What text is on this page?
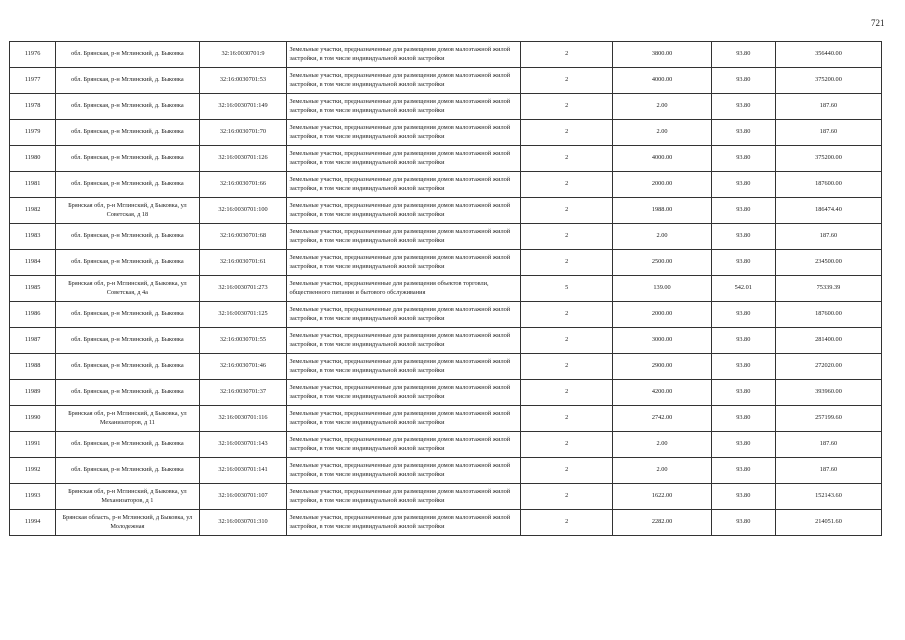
721
11976	обл. Брянская, р-н Мглинский, д. Быковка	32:16:0030701:9	Земельные участки, предназначенные для размещения домов малоэтажной жилой застройки, в том числе индивидуальной жилой застройки	2	3800.00	93.80	356440.00
11977	обл. Брянская, р-н Мглинский, д. Быковка	32:16:0030701:53	Земельные участки, предназначенные для размещения домов малоэтажной жилой застройки, в том числе индивидуальной жилой застройки	2	4000.00	93.80	375200.00
11978	обл. Брянская, р-н Мглинский, д. Быковка	32:16:0030701:149	Земельные участки, предназначенные для размещения домов малоэтажной жилой застройки, в том числе индивидуальной жилой застройки	2	2.00	93.80	187.60
11979	обл. Брянская, р-н Мглинский, д. Быковка	32:16:0030701:70	Земельные участки, предназначенные для размещения домов малоэтажной жилой застройки, в том числе индивидуальной жилой застройки	2	2.00	93.80	187.60
11980	обл. Брянская, р-н Мглинский, д. Быковка	32:16:0030701:126	Земельные участки, предназначенные для размещения домов малоэтажной жилой застройки, в том числе индивидуальной жилой застройки	2	4000.00	93.80	375200.00
11981	обл. Брянская, р-н Мглинский, д. Быковка	32:16:0030701:66	Земельные участки, предназначенные для размещения домов малоэтажной жилой застройки, в том числе индивидуальной жилой застройки	2	2000.00	93.80	187600.00
11982	Брянская обл, р-н Мглинский, д Быковка, ул Советская, д 18	32:16:0030701:100	Земельные участки, предназначенные для размещения домов малоэтажной жилой застройки, в том числе индивидуальной жилой застройки	2	1988.00	93.80	186474.40
11983	обл. Брянская, р-н Мглинский, д. Быковка	32:16:0030701:68	Земельные участки, предназначенные для размещения домов малоэтажной жилой застройки, в том числе индивидуальной жилой застройки	2	2.00	93.80	187.60
11984	обл. Брянская, р-н Мглинский, д. Быковка	32:16:0030701:61	Земельные участки, предназначенные для размещения домов малоэтажной жилой застройки, в том числе индивидуальной жилой застройки	2	2500.00	93.80	234500.00
11985	Брянская обл, р-н Мглинский, д Быковка, ул Советская, д 4а	32:16:0030701:273	Земельные участки, предназначенные для размещения объектов торговли, общественного питания и бытового обслуживания	5	139.00	542.01	75339.39
11986	обл. Брянская, р-н Мглинский, д. Быковка	32:16:0030701:125	Земельные участки, предназначенные для размещения домов малоэтажной жилой застройки, в том числе индивидуальной жилой застройки	2	2000.00	93.80	187600.00
11987	обл. Брянская, р-н Мглинский, д. Быковка	32:16:0030701:55	Земельные участки, предназначенные для размещения домов малоэтажной жилой застройки, в том числе индивидуальной жилой застройки	2	3000.00	93.80	281400.00
11988	обл. Брянская, р-н Мглинский, д. Быковка	32:16:0030701:46	Земельные участки, предназначенные для размещения домов малоэтажной жилой застройки, в том числе индивидуальной жилой застройки	2	2900.00	93.80	272020.00
11989	обл. Брянская, р-н Мглинский, д. Быковка	32:16:0030701:37	Земельные участки, предназначенные для размещения домов малоэтажной жилой застройки, в том числе индивидуальной жилой застройки	2	4200.00	93.80	393960.00
11990	Брянская обл, р-н Мглинский, д Быковка, ул Механизаторов, д 11	32:16:0030701:116	Земельные участки, предназначенные для размещения домов малоэтажной жилой застройки, в том числе индивидуальной жилой застройки	2	2742.00	93.80	257199.60
11991	обл. Брянская, р-н Мглинский, д. Быковка	32:16:0030701:143	Земельные участки, предназначенные для размещения домов малоэтажной жилой застройки, в том числе индивидуальной жилой застройки	2	2.00	93.80	187.60
11992	обл. Брянская, р-н Мглинский, д. Быковка	32:16:0030701:141	Земельные участки, предназначенные для размещения домов малоэтажной жилой застройки, в том числе индивидуальной жилой застройки	2	2.00	93.80	187.60
11993	Брянская обл, р-н Мглинский, д Быковка, ул Механизаторов, д 1	32:16:0030701:107	Земельные участки, предназначенные для размещения домов малоэтажной жилой застройки, в том числе индивидуальной жилой застройки	2	1622.00	93.80	152143.60
11994	Брянская область, р-н Мглинский, д Быковка, ул Молодежная	32:16:0030701:310	Земельные участки, предназначенные для размещения домов малоэтажной жилой застройки, в том числе индивидуальной жилой застройки	2	2282.00	93.80	214051.60
